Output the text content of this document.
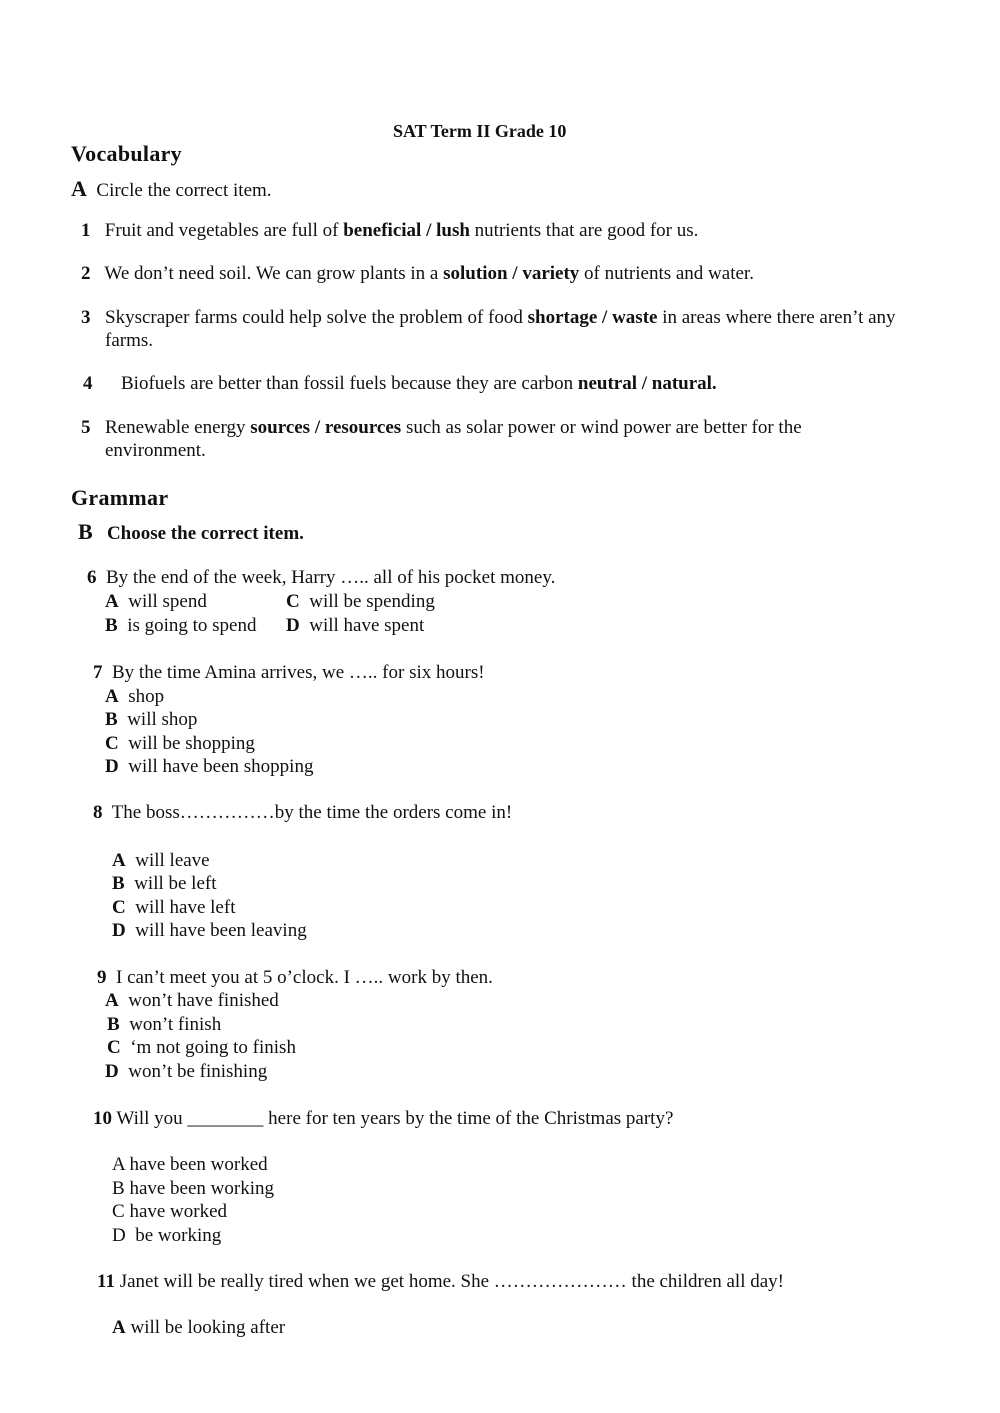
SAT Term II Grade 10
Vocabulary
A Circle the correct item.
1 Fruit and vegetables are full of beneficial / lush nutrients that are good for us.
2 We don’t need soil. We can grow plants in a solution / variety of nutrients and water.
3 Skyscraper farms could help solve the problem of food shortage / waste in areas where there aren’t any farms.
4 Biofuels are better than fossil fuels because they are carbon neutral / natural.
5 Renewable energy sources / resources such as solar power or wind power are better for the environment.
Grammar
B Choose the correct item.
6 By the end of the week, Harry ….. all of his pocket money.
A will spend	C will be spending
B is going to spend D will have spent
7 By the time Amina arrives, we ….. for six hours!
A shop
B will shop
C will be shopping
D will have been shopping
8 The boss……………by the time the orders come in!
A will leave
B will be left
C will have left
D will have been leaving
9 I can’t meet you at 5 o’clock. I ….. work by then.
A won’t have finished
B won’t finish
C ‘m not going to finish
D won’t be finishing
10 Will you ________ here for ten years by the time of the Christmas party?
A have been worked
B have been working
C have worked
D be working
11 Janet will be really tired when we get home. She ………………… the children all day!
A will be looking after
